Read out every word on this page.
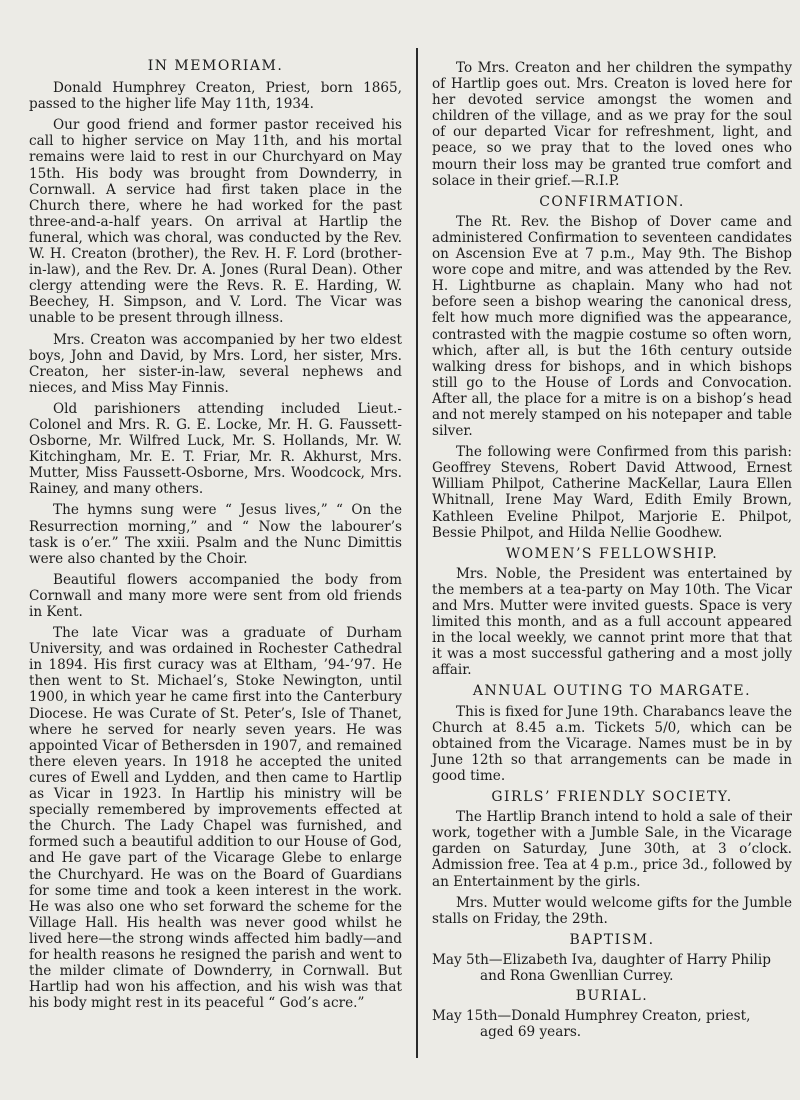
IN MEMORIAM.

Donald Humphrey Creaton, Priest, born 1865, passed to the higher life May 11th, 1934.

Our good friend and former pastor received his call to higher service on May 11th, and his mortal remains were laid to rest in our Churchyard on May 15th. His body was brought from Downderry, in Cornwall. A service had first taken place in the Church there, where he had worked for the past three-and-a-half years. On arrival at Hartlip the funeral, which was choral, was conducted by the Rev. W. H. Creaton (brother), the Rev. H. F. Lord (brother-in-law), and the Rev. Dr. A. Jones (Rural Dean). Other clergy attending were the Revs. R. E. Harding, W. Beechey, H. Simpson, and V. Lord. The Vicar was unable to be present through illness.

Mrs. Creaton was accompanied by her two eldest boys, John and David, by Mrs. Lord, her sister, Mrs. Creaton, her sister-in-law, several nephews and nieces, and Miss May Finnis.

Old parishioners attending included Lieut.-Colonel and Mrs. R. G. E. Locke, Mr. H. G. Faussett-Osborne, Mr. Wilfred Luck, Mr. S. Hollands, Mr. W. Kitchingham, Mr. E. T. Friar, Mr. R. Akhurst, Mrs. Mutter, Miss Faussett-Osborne, Mrs. Woodcock, Mrs. Rainey, and many others.

The hymns sung were “ Jesus lives,” “ On the Resurrection morning,” and “ Now the labourer’s task is o’er.” The xxiii. Psalm and the Nunc Dimittis were also chanted by the Choir.

Beautiful flowers accompanied the body from Cornwall and many more were sent from old friends in Kent.

The late Vicar was a graduate of Durham University, and was ordained in Rochester Cathedral in 1894. His first curacy was at Eltham, ’94-’97. He then went to St. Michael’s, Stoke Newington, until 1900, in which year he came first into the Canterbury Diocese. He was Curate of St. Peter’s, Isle of Thanet, where he served for nearly seven years. He was appointed Vicar of Bethersden in 1907, and remained there eleven years. In 1918 he accepted the united cures of Ewell and Lydden, and then came to Hartlip as Vicar in 1923. In Hartlip his ministry will be specially remembered by improvements effected at the Church. The Lady Chapel was furnished, and formed such a beautiful addition to our House of God, and He gave part of the Vicarage Glebe to enlarge the Churchyard. He was on the Board of Guardians for some time and took a keen interest in the work. He was also one who set forward the scheme for the Village Hall. His health was never good whilst he lived here—the strong winds affected him badly—and for health reasons he resigned the parish and went to the milder climate of Downderry, in Cornwall. But Hartlip had won his affection, and his wish was that his body might rest in its peaceful “ God’s acre.”

To Mrs. Creaton and her children the sympathy of Hartlip goes out. Mrs. Creaton is loved here for her devoted service amongst the women and children of the village, and as we pray for the soul of our departed Vicar for refreshment, light, and peace, so we pray that to the loved ones who mourn their loss may be granted true comfort and solace in their grief.—R.I.P.

CONFIRMATION.

The Rt. Rev. the Bishop of Dover came and administered Confirmation to seventeen candidates on Ascension Eve at 7 p.m., May 9th. The Bishop wore cope and mitre, and was attended by the Rev. H. Lightburne as chaplain. Many who had not before seen a bishop wearing the canonical dress, felt how much more dignified was the appearance, contrasted with the magpie costume so often worn, which, after all, is but the 16th century outside walking dress for bishops, and in which bishops still go to the House of Lords and Convocation. After all, the place for a mitre is on a bishop’s head and not merely stamped on his notepaper and table silver.

The following were Confirmed from this parish: Geoffrey Stevens, Robert David Attwood, Ernest William Philpot, Catherine MacKellar, Laura Ellen Whitnall, Irene May Ward, Edith Emily Brown, Kathleen Eveline Philpot, Marjorie E. Philpot, Bessie Philpot, and Hilda Nellie Goodhew.

WOMEN’S FELLOWSHIP.

Mrs. Noble, the President was entertained by the members at a tea-party on May 10th. The Vicar and Mrs. Mutter were invited guests. Space is very limited this month, and as a full account appeared in the local weekly, we cannot print more that that it was a most successful gathering and a most jolly affair.

ANNUAL OUTING TO MARGATE.

This is fixed for June 19th. Charabancs leave the Church at 8.45 a.m. Tickets 5/0, which can be obtained from the Vicarage. Names must be in by June 12th so that arrangements can be made in good time.

GIRLS’ FRIENDLY SOCIETY.

The Hartlip Branch intend to hold a sale of their work, together with a Jumble Sale, in the Vicarage garden on Saturday, June 30th, at 3 o’clock. Admission free. Tea at 4 p.m., price 3d., followed by an Entertainment by the girls.

Mrs. Mutter would welcome gifts for the Jumble stalls on Friday, the 29th.

BAPTISM.
May 5th—Elizabeth Iva, daughter of Harry Philip
and Rona Gwenllian Currey.
BURIAL.
May 15th—Donald Humphrey Creaton, priest,
aged 69 years.
